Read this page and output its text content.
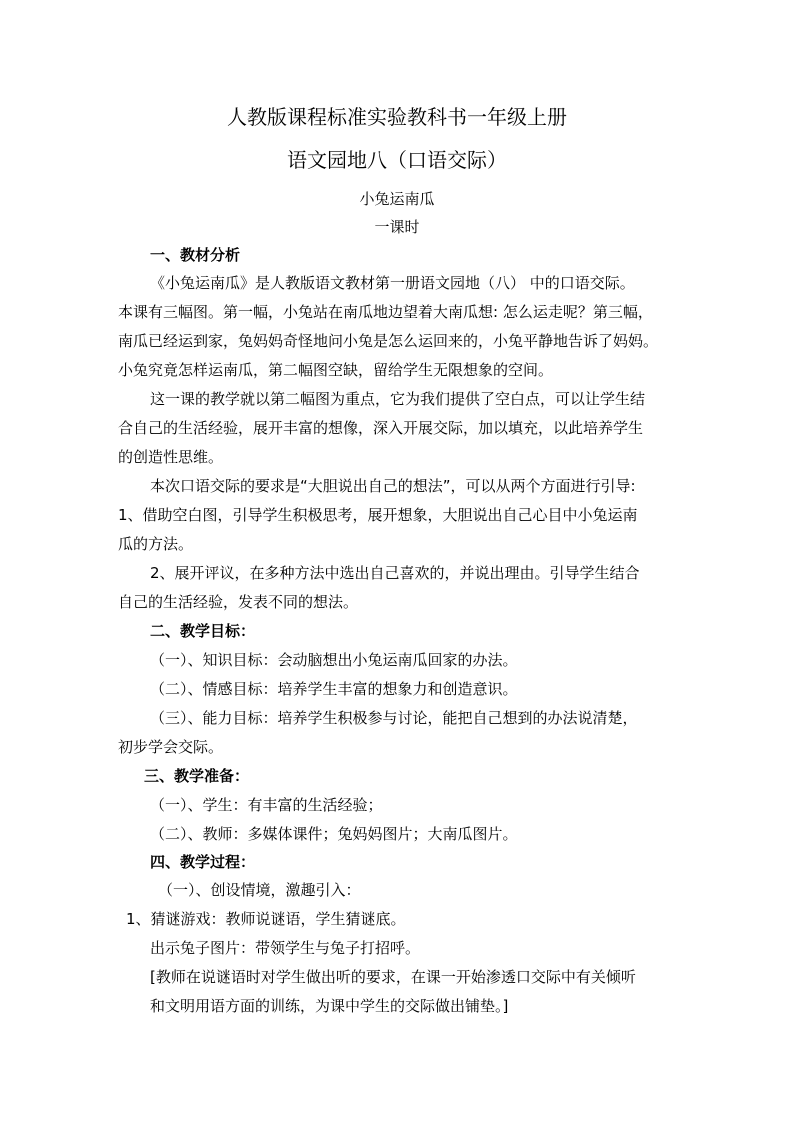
人教版课程标准实验教科书一年级上册
语文园地八（口语交际）
小兔运南瓜
一课时
一、教材分析
《小兔运南瓜》是人教版语文教材第一册语文园地（八） 中的口语交际。
本课有三幅图。第一幅，小兔站在南瓜地边望着大南瓜想: 怎么运走呢？第三幅，
南瓜已经运到家，兔妈妈奇怪地问小兔是怎么运回来的，小兔平静地告诉了妈妈。
小兔究竟怎样运南瓜，第二幅图空缺，留给学生无限想象的空间。
这一课的教学就以第二幅图为重点，它为我们提供了空白点，可以让学生结
合自己的生活经验，展开丰富的想像，深入开展交际，加以填充，以此培养学生
的创造性思维。
本次口语交际的要求是“大胆说出自己的想法”，可以从两个方面进行引导:
1、借助空白图，引导学生积极思考，展开想象，大胆说出自己心目中小兔运南
瓜的方法。
2、展开评议，在多种方法中选出自己喜欢的，并说出理由。引导学生结合
自己的生活经验，发表不同的想法。
二、教学目标：
（一）、知识目标：会动脑想出小兔运南瓜回家的办法。
（二）、情感目标：培养学生丰富的想象力和创造意识。
（三）、能力目标：培养学生积极参与讨论，能把自己想到的办法说清楚，
初步学会交际。
三、教学准备：
（一）、学生：有丰富的生活经验；
（二）、教师：多媒体课件；兔妈妈图片；大南瓜图片。
四、教学过程：
（一）、创设情境，激趣引入：
1、猜谜游戏：教师说谜语，学生猜谜底。
出示兔子图片：带领学生与兔子打招呼。
[教师在说谜语时对学生做出听的要求，在课一开始渗透口交际中有关倾听
和文明用语方面的训练，为课中学生的交际做出铺垫。]
